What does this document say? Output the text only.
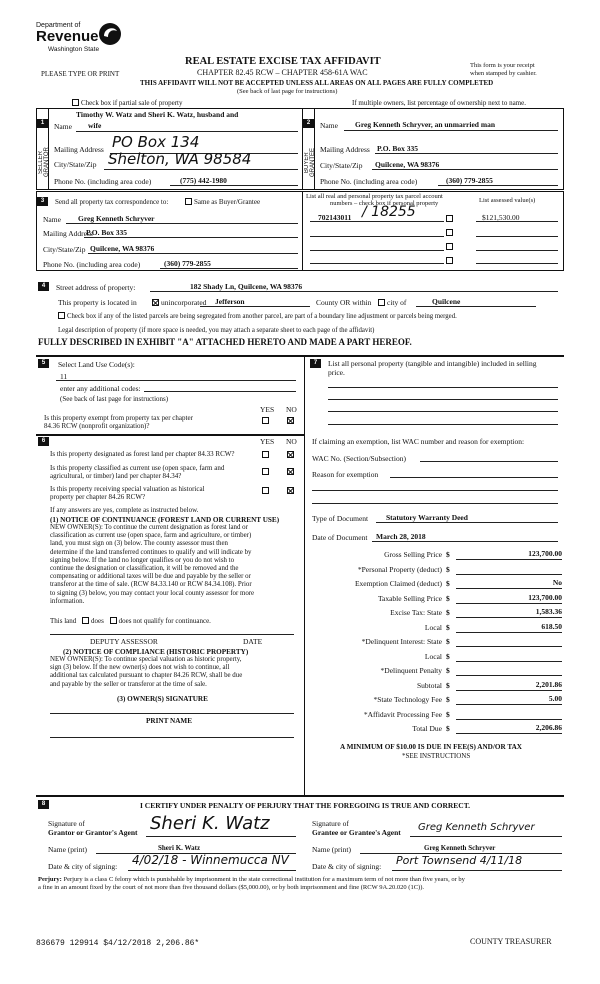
Department of
Revenue
Washington State
PLEASE TYPE OR PRINT
REAL ESTATE EXCISE TAX AFFIDAVIT
CHAPTER 82.45 RCW – CHAPTER 458-61A WAC
THIS AFFIDAVIT WILL NOT BE ACCEPTED UNLESS ALL AREAS ON ALL PAGES ARE FULLY COMPLETED
(See back of last page for instructions)
This form is your receipt
when stamped by cashier.
Check box if partial sale of property	If multiple owners, list percentage of ownership next to name.
1
SELLER GRANTOR
2
BUYER GRANTEE
Timothy W. Watz and Sheri K. Watz, husband and
Name wife
Mailing Address PO Box 134
City/State/Zip Shelton, WA 98584
Phone No. (including area code)	(775) 442-1980
Name Greg Kenneth Schryver, an unmarried man
Mailing Address P.O. Box 335
City/State/Zip Quilcene, WA 98376
Phone No. (including area code)	(360) 779-2855
3	Send all property tax correspondence to:	Same as Buyer/Grantee
Name Greg Kenneth Schryver
Mailing Address
P.O. Box 335
City/State/Zip Quilcene, WA 98376
Phone No. (including area code)	(360) 779-2855
List all real and personal property tax parcel account
numbers – check box if personal property	List assessed value(s)
702143011 / 18255	$121,530.00
4	Street address of property:	182 Shady Ln, Quilcene, WA 98376
This property is located in	unincorporated Jefferson	County OR within	city of	Quilcene
Check box if any of the listed parcels are being segregated from another parcel, are part of a boundary line adjustment or parcels being merged.
Legal description of property (if more space is needed, you may attach a separate sheet to each page of the affidavit)
FULLY DESCRIBED IN EXHIBIT "A" ATTACHED HERETO AND MADE A PART HEREOF.
5	Select Land Use Code(s):
11
enter any additional codes:
(See back of last page for instructions)
YES NO
Is this property exempt from property tax per chapter
84.36 RCW (nonprofit organization)?
6	YES NO
Is this property designated as forest land per chapter 84.33 RCW?
Is this property classified as current use (open space, farm and
agricultural, or timber) land per chapter 84.34?
Is this property receiving special valuation as historical
property per chapter 84.26 RCW?
If any answers are yes, complete as instructed below.
(1) NOTICE OF CONTINUANCE (FOREST LAND OR CURRENT USE)
NEW OWNER(S): To continue the current designation as forest land or
classification as current use (open space, farm and agriculture, or timber)
land, you must sign on (3) below. The county assessor must then
determine if the land transferred continues to qualify and will indicate by
signing below. If the land no longer qualifies or you do not wish to
continue the designation or classification, it will be removed and the
compensating or additional taxes will be due and payable by the seller or
transferor at the time of sale. (RCW 84.33.140 or RCW 84.34.108). Prior
to signing (3) below, you may contact your local county assessor for more
information.
This land does does not qualify for continuance.
DEPUTY ASSESSOR	DATE
(2) NOTICE OF COMPLIANCE (HISTORIC PROPERTY)
NEW OWNER(S): To continue special valuation as historic property,
sign (3) below. If the new owner(s) does not wish to continue, all
additional tax calculated pursuant to chapter 84.26 RCW, shall be due
and payable by the seller or transferor at the time of sale.
(3) OWNER(S) SIGNATURE
PRINT NAME
7	List all personal property (tangible and intangible) included in selling
price.
If claiming an exemption, list WAC number and reason for exemption:
WAC No. (Section/Subsection)
Reason for exemption
Type of Document Statutory Warranty Deed
Date of Document March 28, 2018
Gross Selling Price $	123,700.00
*Personal Property (deduct) $
Exemption Claimed (deduct) $	No
Taxable Selling Price $	123,700.00
Excise Tax: State $	1,583.36
Local $	618.50
*Delinquent Interest: State $
Local $
*Delinquent Penalty $
Subtotal $	2,201.86
*State Technology Fee $	5.00
*Affidavit Processing Fee $
Total Due $	2,206.86
A MINIMUM OF $10.00 IS DUE IN FEE(S) AND/OR TAX
*SEE INSTRUCTIONS
8	I CERTIFY UNDER PENALTY OF PERJURY THAT THE FOREGOING IS TRUE AND CORRECT.
Signature of
Grantor or Grantor's Agent Sheri K. Watz
Name (print)	Sheri K. Watz
Date & city of signing: 4/02/18 - Winnemucca NV
Signature of
Grantee or Grantee's Agent Greg Kenneth Schryver
Name (print)	Greg Kenneth Schryver
Date & city of signing: Port Townsend 4/11/18
Perjury: Perjury is a class C felony which is punishable by imprisonment in the state correctional institution for a maximum term of not more than five years, or by
a fine in an amount fixed by the court of not more than five thousand dollars ($5,000.00), or by both imprisonment and fine (RCW 9A.20.020 (1C)).
836679 129914 $4/12/2018 2,206.86*	COUNTY TREASURER
